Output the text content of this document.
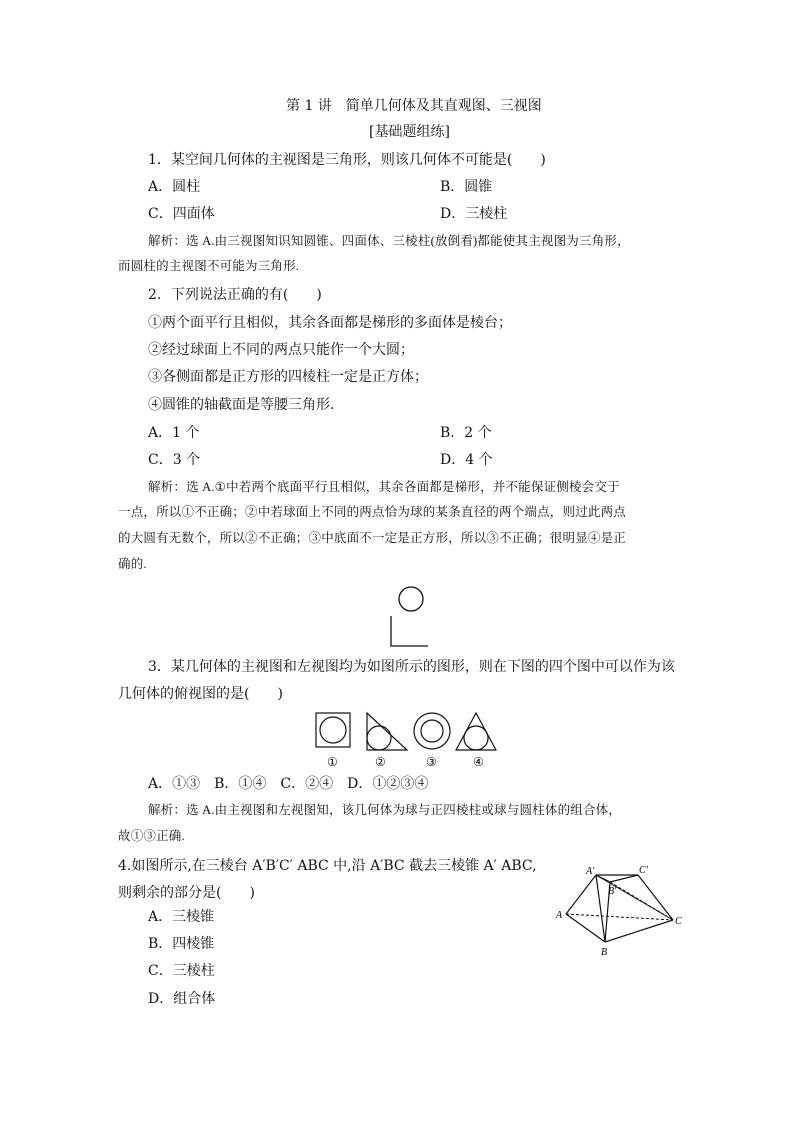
第 1 讲　简单几何体及其直观图、三视图
[基础题组练]
1．某空间几何体的主视图是三角形，则该几何体不可能是(　　)
A．圆柱	B．圆锥
C．四面体	D．三棱柱
解析：选 A.由三视图知识知圆锥、四面体、三棱柱(放倒看)都能使其主视图为三角形，
而圆柱的主视图不可能为三角形.
2．下列说法正确的有(　　)
①两个面平行且相似，其余各面都是梯形的多面体是棱台；
②经过球面上不同的两点只能作一个大圆；
③各侧面都是正方形的四棱柱一定是正方体；
④圆锥的轴截面是等腰三角形.
A．1 个	B．2 个
C．3 个	D．4 个
解析：选 A.①中若两个底面平行且相似，其余各面都是梯形，并不能保证侧棱会交于
一点，所以①不正确；②中若球面上不同的两点恰为球的某条直径的两个端点，则过此两点
的大圆有无数个，所以②不正确；③中底面不一定是正方形，所以③不正确；很明显④是正
确的.
3．某几何体的主视图和左视图均为如图所示的图形，则在下图的四个图中可以作为该
几何体的俯视图的是(　　)
①	②	③	④
A．①③　B．①④　C．②④　D．①②③④
解析：选 A.由主视图和左视图知，该几何体为球与正四棱柱或球与圆柱体的组合体，
故①③正确.
4.如图所示,在三棱台 A′B′C′ ABC 中,沿 A′BC 截去三棱锥 A′ ABC,
则剩余的部分是(　　)
A．三棱锥
B．四棱锥
C．三棱柱
D．组合体
A′	C′
B′
A
C
B
